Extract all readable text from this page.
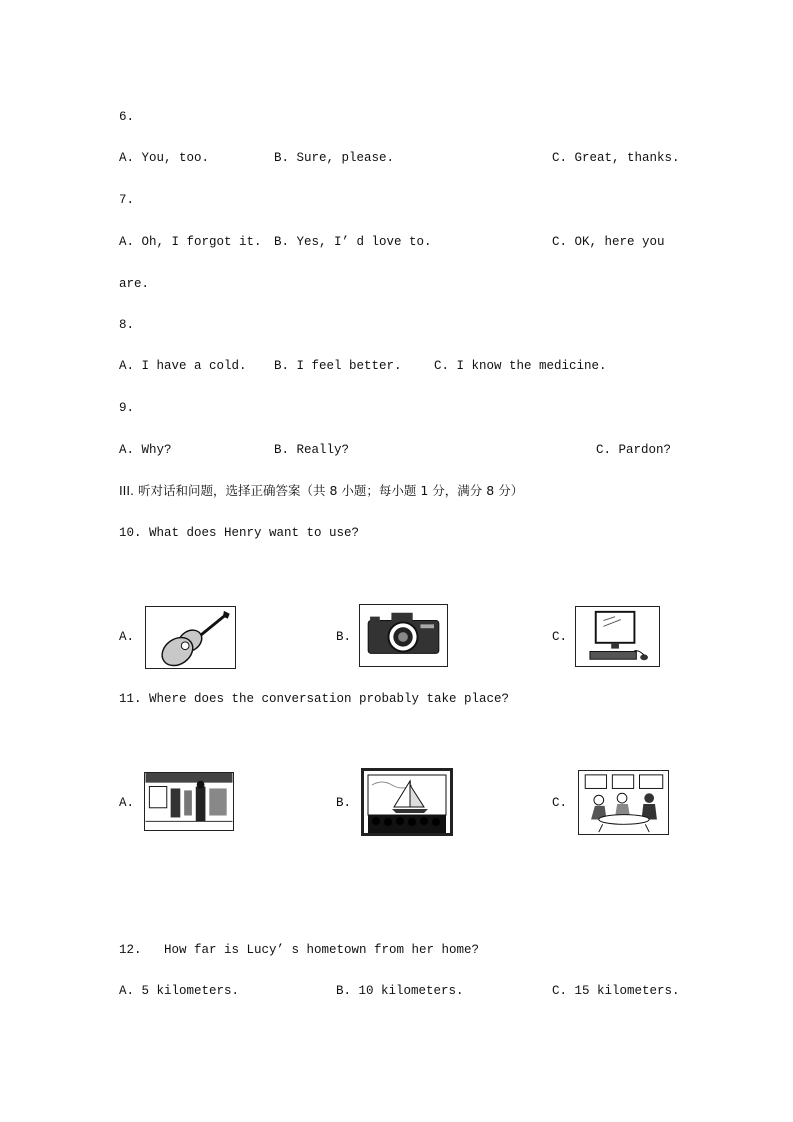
6.
A. You, too.	B. Sure, please.	C. Great, thanks.
7.
A. Oh, I forgot it. B. Yes, I’ d love to.	C. OK, here you
are.
8.
A. I have a cold. B. I feel better.	C. I know the medicine.
9.
A. Why?	B. Really?	C. Pardon?
III. 听对话和问题，选择正确答案（共 8 小题；每小题 1 分，满分 8 分）
10. What does Henry want to use?
A.	B.	C.
11. Where does the conversation probably take place?
A.	B.	C.
12.   How far is Lucy’ s hometown from her home?
A. 5 kilometers.	B. 10 kilometers.	C. 15 kilometers.
